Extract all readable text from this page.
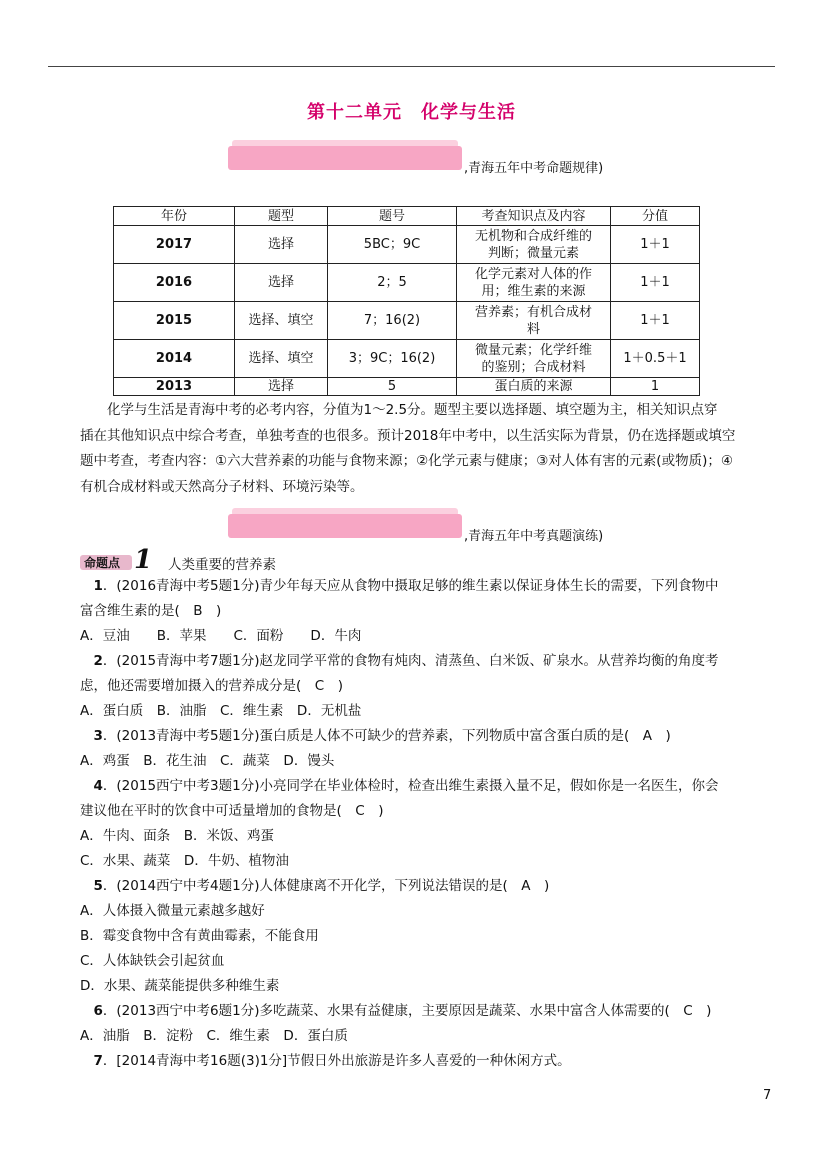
第十二单元　化学与生活
,青海五年中考命题规律)
年份	题型	题号	考查知识点及内容	分值
2017	选择	5BC；9C	无机物和合成纤维的
判断；微量元素	1＋1
2016	选择	2；5	化学元素对人体的作
用；维生素的来源	1＋1
2015	选择、填空	7；16(2)	营养素；有机合成材
料	1＋1
2014	选择、填空	3；9C；16(2)	微量元素；化学纤维
的鉴别；合成材料	1＋0.5＋1
2013	选择	5	蛋白质的来源	1

化学与生活是青海中考的必考内容，分值为1～2.5分。题型主要以选择题、填空题为主，相关知识点穿

插在其他知识点中综合考查，单独考查的也很多。预计2018年中考中，以生活实际为背景，仍在选择题或填空

题中考查，考查内容：①六大营养素的功能与食物来源；②化学元素与健康；③对人体有害的元素(或物质)；④

有机合成材料或天然高分子材料、环境污染等。

,青海五年中考真题演练)
命题点 1 人类重要的营养素

　1．(2016青海中考5题1分)青少年每天应从食物中摄取足够的维生素以保证身体生长的需要，下列食物中

富含维生素的是(　B　)

A．豆油　　B．苹果　　C．面粉　　D．牛肉

　2．(2015青海中考7题1分)赵龙同学平常的食物有炖肉、清蒸鱼、白米饭、矿泉水。从营养均衡的角度考

虑，他还需要增加摄入的营养成分是(　C　)

A．蛋白质　B．油脂　C．维生素　D．无机盐

　3．(2013青海中考5题1分)蛋白质是人体不可缺少的营养素，下列物质中富含蛋白质的是(　A　)

A．鸡蛋　B．花生油　C．蔬菜　D．馒头

　4．(2015西宁中考3题1分)小亮同学在毕业体检时，检查出维生素摄入量不足，假如你是一名医生，你会

建议他在平时的饮食中可适量增加的食物是(　C　)

A．牛肉、面条　B．米饭、鸡蛋

C．水果、蔬菜　D．牛奶、植物油

　5．(2014西宁中考4题1分)人体健康离不开化学，下列说法错误的是(　A　)

A．人体摄入微量元素越多越好

B．霉变食物中含有黄曲霉素，不能食用

C．人体缺铁会引起贫血

D．水果、蔬菜能提供多种维生素

　6．(2013西宁中考6题1分)多吃蔬菜、水果有益健康，主要原因是蔬菜、水果中富含人体需要的(　C　)

A．油脂　B．淀粉　C．维生素　D．蛋白质

　7．[2014青海中考16题(3)1分]节假日外出旅游是许多人喜爱的一种休闲方式。

7
